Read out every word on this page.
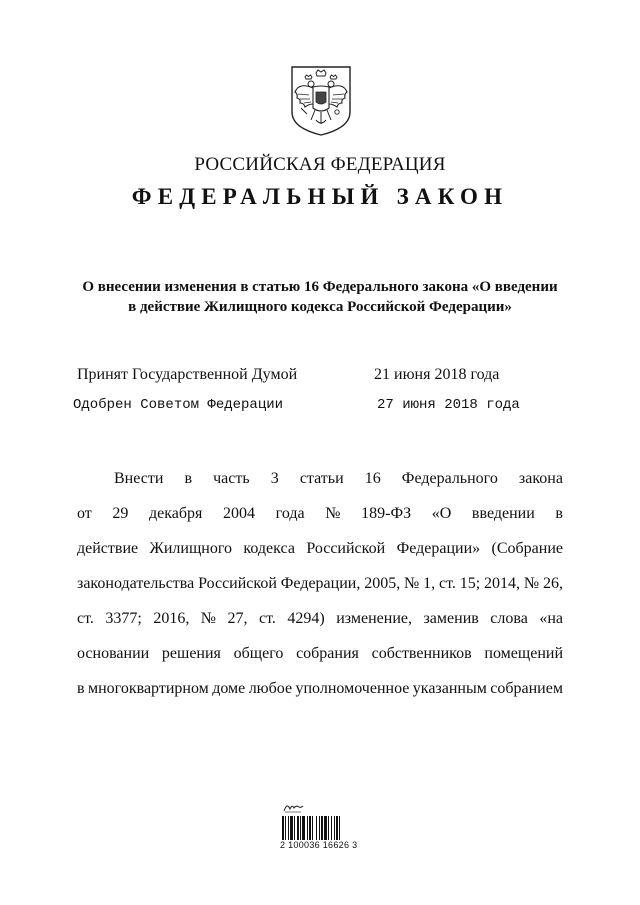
РОССИЙСКАЯ ФЕДЕРАЦИЯ
ФЕДЕРАЛЬНЫЙ ЗАКОН
О внесении изменения в статью 16 Федерального закона «О введении
в действие Жилищного кодекса Российской Федерации»
Принят Государственной Думой	21 июня 2018 года
Одобрен Советом Федерации	27 июня 2018 года
Внести в часть 3 статьи 16 Федерального закона
от 29 декабря 2004 года № 189-ФЗ «О введении в
действие Жилищного кодекса Российской Федерации» (Собрание
законодательства Российской Федерации, 2005, № 1, ст. 15; 2014, № 26,
ст. 3377; 2016, № 27, ст. 4294) изменение, заменив слова «на
основании решения общего собрания собственников помещений
в многоквартирном доме любое уполномоченное указанным собранием
2 100036 16626 3
